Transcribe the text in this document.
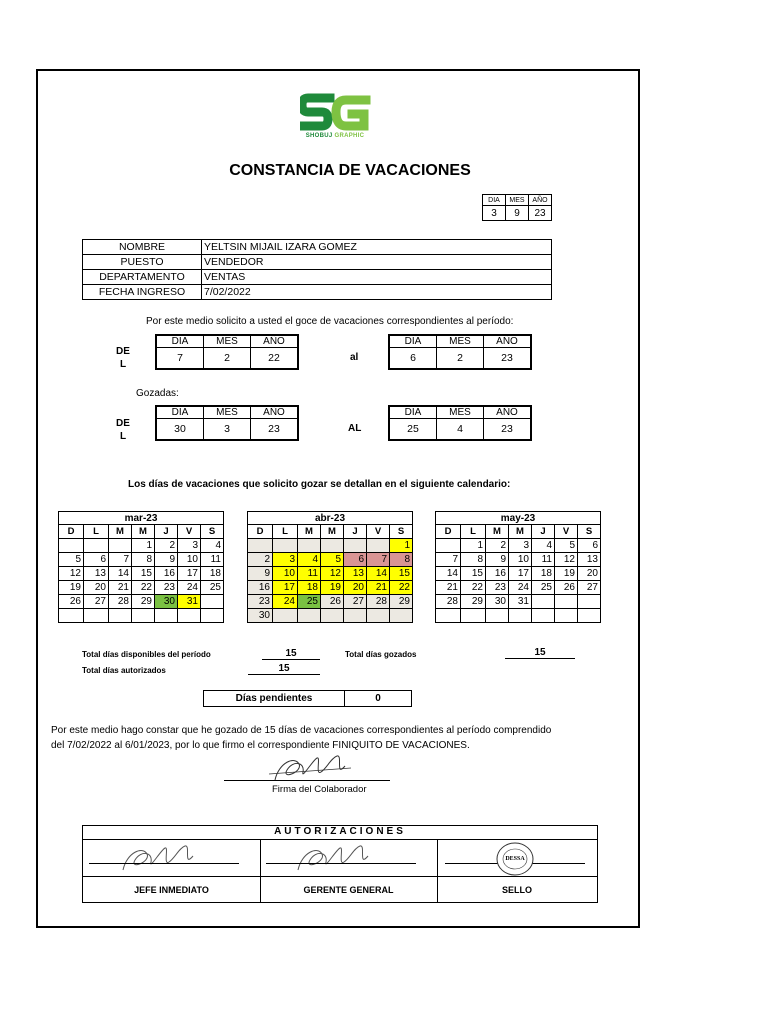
SHOBUJ GRAPHIC
CONSTANCIA DE VACACIONES
DIA	MES	AÑO
3	9	23
NOMBRE	YELTSIN MIJAIL IZARA GOMEZ
PUESTO	VENDEDOR
DEPARTAMENTO	VENTAS
FECHA INGRESO	7/02/2022
Por este medio solicito a usted el goce de vacaciones correspondientes al período:
DE L
DIA	MES	AÑO
7	2	22	al
DIA	MES	AÑO
6	2	23
Gozadas:
DE L
DIA	MES	AÑO
30	3	23	AL
DIA	MES	AÑO
25	4	23
Los días de vacaciones que solicito gozar se detallan en el siguiente calendario:
mar-23						
D	L	M	M	J	V	S
			1	2	3	4
5	6	7	8	9	10	11
12	13	14	15	16	17	18
19	20	21	22	23	24	25
26	27	28	29	30	31	

abr-23						
D	L	M	M	J	V	S
						1
2	3	4	5	6	7	8
9	10	11	12	13	14	15
16	17	18	19	20	21	22
23	24	25	26	27	28	29
30						
may-23						
D	L	M	M	J	V	S
	1	2	3	4	5	6
7	8	9	10	11	12	13
14	15	16	17	18	19	20
21	22	23	24	25	26	27
28	29	30	31			

Total días disponibles del período	15
Total días autorizados	15
Total días gozados	15
Días pendientes	0
Por este medio hago constar que he gozado de 15 días de vacaciones correspondientes al período comprendido
del 7/02/2022 al 6/01/2023, por lo que firmo el correspondiente FINIQUITO DE VACACIONES.
Firma del Colaborador
AUTORIZACIONES
JEFE INMEDIATO	GERENTE GENERAL
DESSA
SELLO
